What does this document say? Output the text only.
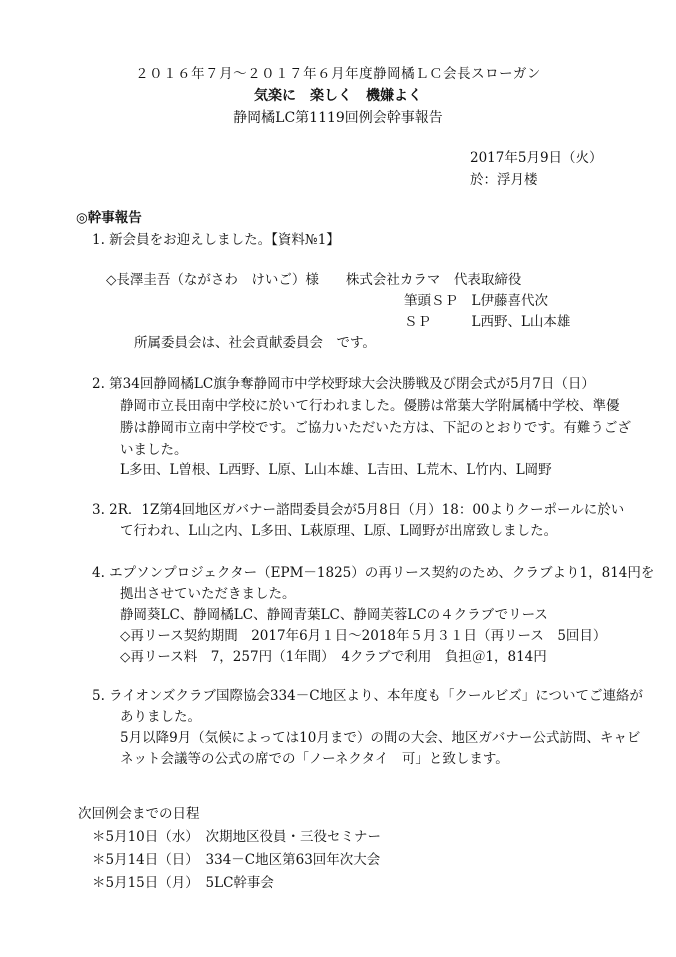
２０１６年７月～２０１７年６月年度静岡橘ＬＣ会長スローガン
気楽に　楽しく　機嫌よく
静岡橘LC第1119回例会幹事報告
2017年5月9日（火）
於：浮月楼
◎幹事報告
1. 新会員をお迎えしました。【資料№1】
◇長澤圭吾（ながさわ　けいご）様　　株式会社カラマ　代表取締役
筆頭ＳＰ　L伊藤喜代次
ＳＰ　　　L西野、L山本雄
所属委員会は、社会貢献委員会　です。
2. 第34回静岡橘LC旗争奪静岡市中学校野球大会決勝戦及び閉会式が5月7日（日）
静岡市立長田南中学校に於いて行われました。優勝は常葉大学附属橘中学校、準優
勝は静岡市立南中学校です。ご協力いただいた方は、下記のとおりです。有難うござ
いました。
L多田、L曽根、L西野、L原、L山本雄、L吉田、L荒木、L竹内、L岡野
3. 2R．1Z第4回地区ガバナー諮問委員会が5月8日（月）18：00よりクーポールに於い
て行われ、L山之内、L多田、L萩原理、L原、L岡野が出席致しました。
4. エプソンプロジェクター（EPM－1825）の再リース契約のため、クラブより1，814円を
拠出させていただきました。
静岡葵LC、静岡橘LC、静岡青葉LC、静岡芙蓉LCの４クラブでリース
◇再リース契約期間　2017年6月１日～2018年５月３１日（再リース　5回目）
◇再リース料　7，257円（1年間）　4クラブで利用　負担＠1，814円
5. ライオンズクラブ国際協会334－C地区より、本年度も「クールビズ」についてご連絡が
ありました。
5月以降9月（気候によっては10月まで）の間の大会、地区ガバナー公式訪問、キャビ
ネット会議等の公式の席での「ノーネクタイ　可」と致します。
次回例会までの日程
＊5月10日（水）　次期地区役員・三役セミナー
＊5月14日（日）　334－C地区第63回年次大会
＊5月15日（月）　5LC幹事会
